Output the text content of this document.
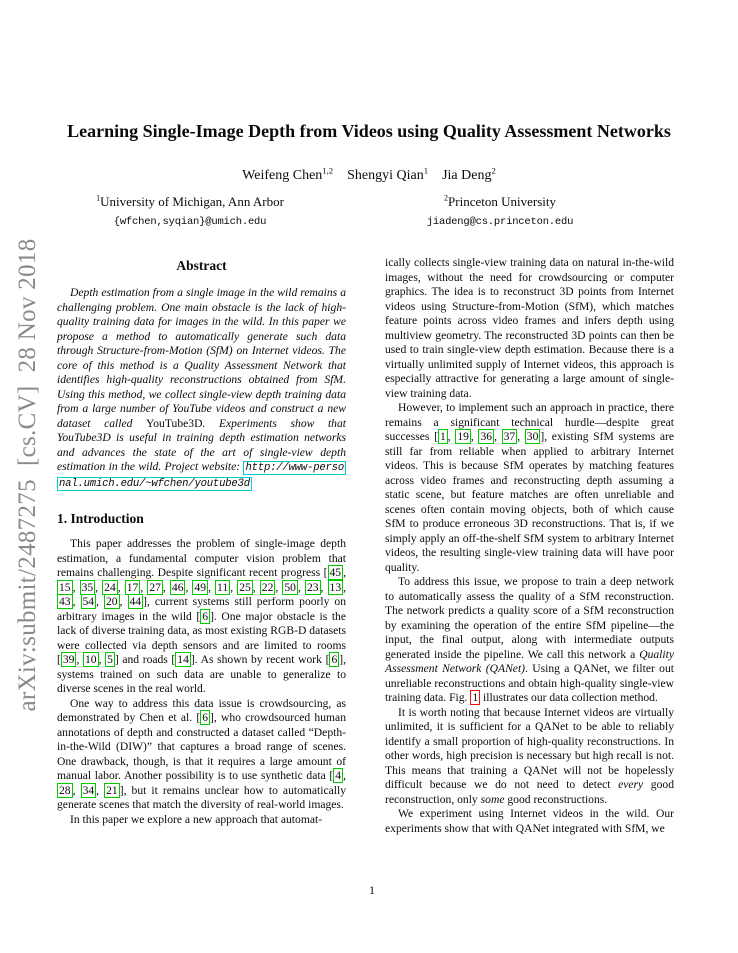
arXiv:submit/2487275  [cs.CV]  28 Nov 2018
Learning Single-Image Depth from Videos using Quality Assessment Networks
Weifeng Chen$^{1,2}$ Shengyi Qian$^1$ Jia Deng$^2$
$^1$University of Michigan, Ann Arbor
{wfchen,syqian}@umich.edu
$^2$Princeton University
jiadeng@cs.princeton.edu
Abstract

Depth estimation from a single image in the wild remains a challenging problem. One main obstacle is the lack of high-quality training data for images in the wild. In this paper we propose a method to automatically generate such data through Structure-from-Motion (SfM) on Internet videos. The core of this method is a Quality Assessment Network that identifies high-quality reconstructions obtained from SfM. Using this method, we collect single-view depth training data from a large number of YouTube videos and construct a new dataset called YouTube3D. Experiments show that YouTube3D is useful in training depth estimation networks and advances the state of the art of single-view depth estimation in the wild. Project website: http://www-personal.umich.edu/~wfchen/youtube3d

1. Introduction

This paper addresses the problem of single-image depth estimation, a fundamental computer vision problem that remains challenging. Despite significant recent progress [ 45 , 15 , 35 , 24 , 17 , 27 , 46 , 49 , 11 , 25 , 22 , 50 , 23 , 13 , 43 , 54 , 20 , 44 ], current systems still perform poorly on arbitrary images in the wild [ 6 ]. One major obstacle is the lack of diverse training data, as most existing RGB-D datasets were collected via depth sensors and are limited to rooms [ 39 , 10 , 5 ] and roads [ 14 ]. As shown by recent work [ 6 ], systems trained on such data are unable to generalize to diverse scenes in the real world.

One way to address this data issue is crowdsourcing, as demonstrated by Chen et al. [ 6 ], who crowdsourced human annotations of depth and constructed a dataset called “Depth-in-the-Wild (DIW)” that captures a broad range of scenes. One drawback, though, is that it requires a large amount of manual labor. Another possibility is to use synthetic data [ 4 , 28 , 34 , 21 ], but it remains unclear how to automatically generate scenes that match the diversity of real-world images.

In this paper we explore a new approach that automat-

ically collects single-view training data on natural in-the-wild images, without the need for crowdsourcing or computer graphics. The idea is to reconstruct 3D points from Internet videos using Structure-from-Motion (SfM), which matches feature points across video frames and infers depth using multiview geometry. The reconstructed 3D points can then be used to train single-view depth estimation. Because there is a virtually unlimited supply of Internet videos, this approach is especially attractive for generating a large amount of single-view training data.

However, to implement such an approach in practice, there remains a significant technical hurdle—despite great successes [ 1 , 19 , 36 , 37 , 30 ], existing SfM systems are still far from reliable when applied to arbitrary Internet videos. This is because SfM operates by matching features across video frames and reconstructing depth assuming a static scene, but feature matches are often unreliable and scenes often contain moving objects, both of which cause SfM to produce erroneous 3D reconstructions. That is, if we simply apply an off-the-shelf SfM system to arbitrary Internet videos, the resulting single-view training data will have poor quality.

To address this issue, we propose to train a deep network to automatically assess the quality of a SfM reconstruction. The network predicts a quality score of a SfM reconstruction by examining the operation of the entire SfM pipeline—the input, the final output, along with intermediate outputs generated inside the pipeline. We call this network a Quality Assessment Network (QANet). Using a QANet, we filter out unreliable reconstructions and obtain high-quality single-view training data. Fig. 1 illustrates our data collection method.

It is worth noting that because Internet videos are virtually unlimited, it is sufficient for a QANet to be able to reliably identify a small proportion of high-quality reconstructions. In other words, high precision is necessary but high recall is not. This means that training a QANet will not be hopelessly difficult because we do not need to detect every good reconstruction, only some good reconstructions.

We experiment using Internet videos in the wild. Our experiments show that with QANet integrated with SfM, we

1
